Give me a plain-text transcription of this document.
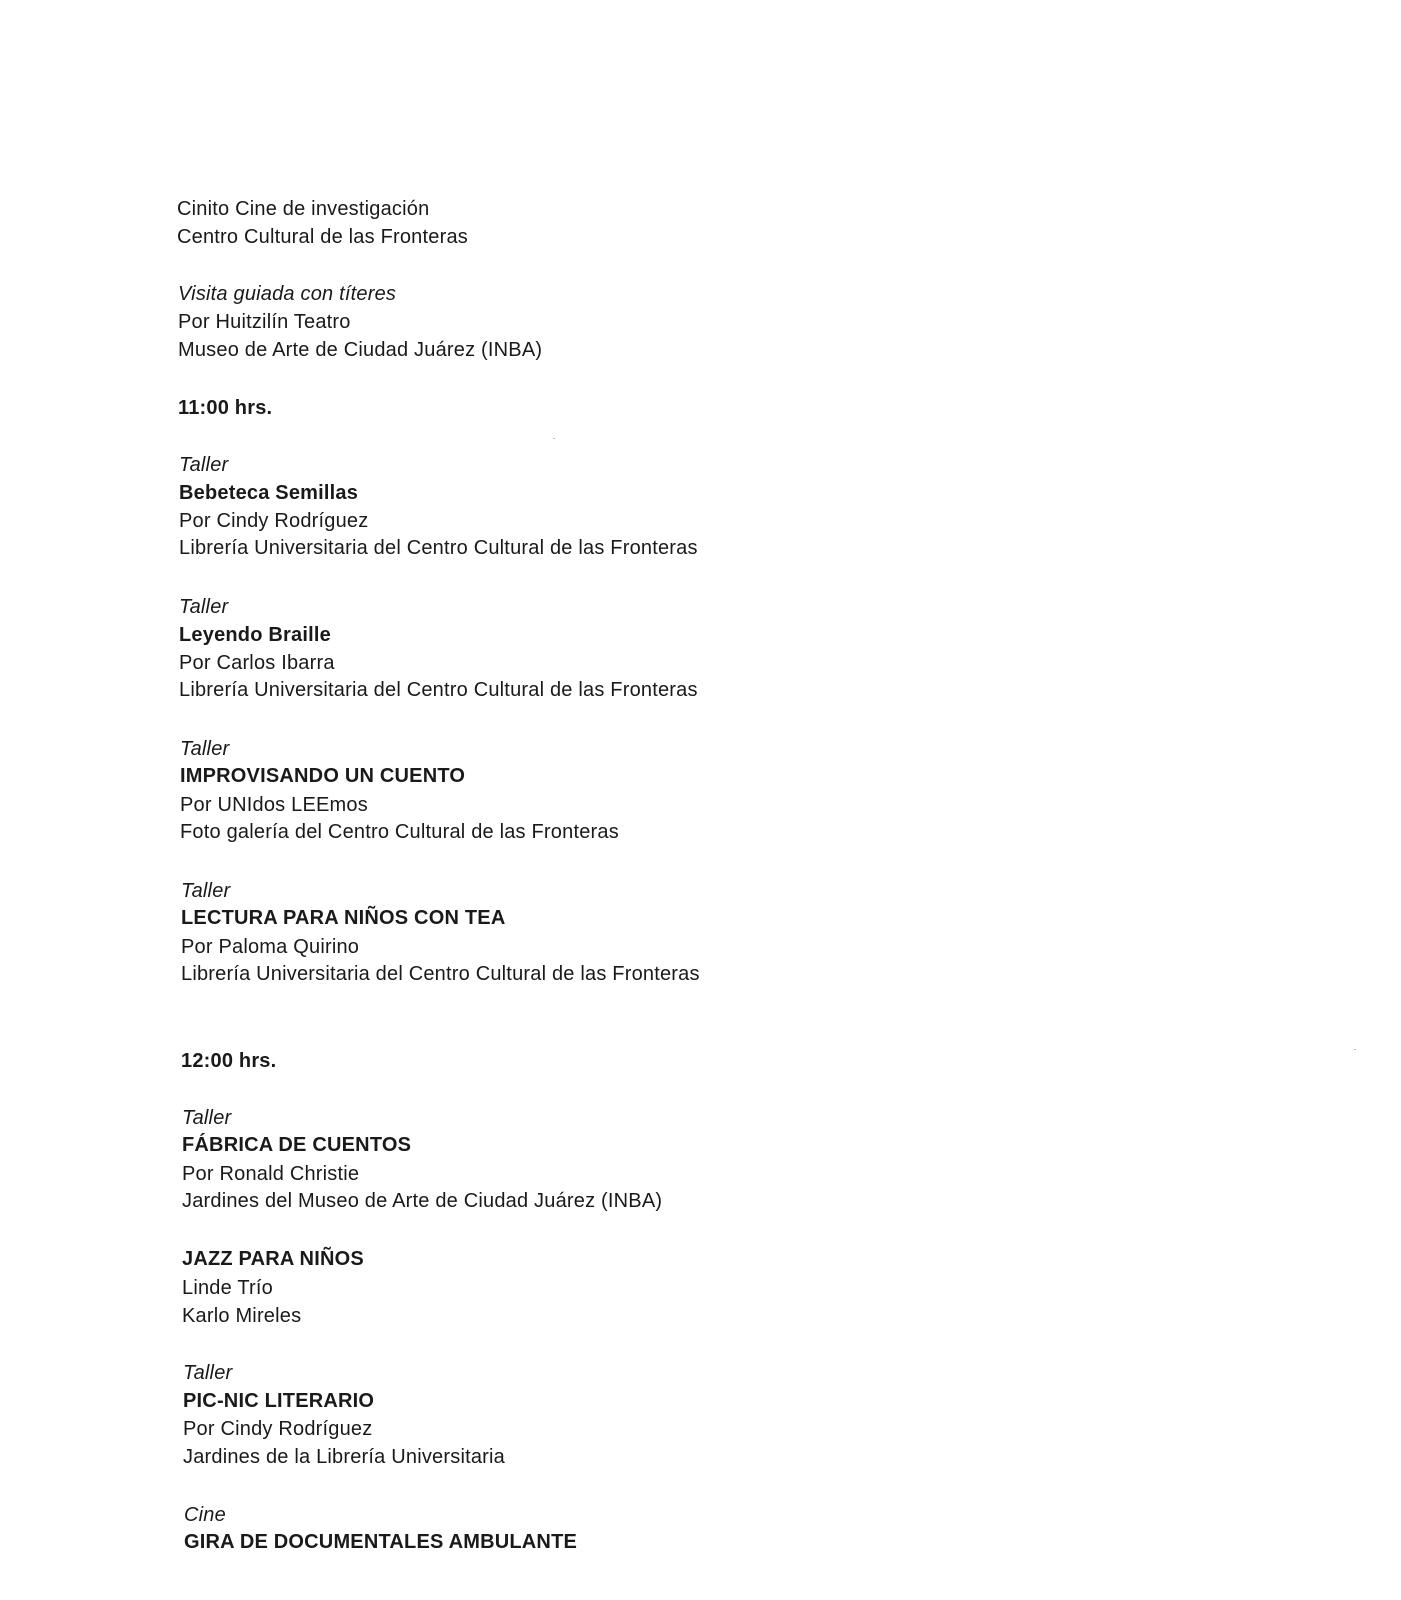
Cinito Cine de investigación
Centro Cultural de las Fronteras
Visita guiada con títeres
Por Huitzilín Teatro
Museo de Arte de Ciudad Juárez (INBA)
11:00 hrs.
Taller
Bebeteca Semillas
Por Cindy Rodríguez
Librería Universitaria del Centro Cultural de las Fronteras
Taller
Leyendo Braille
Por Carlos Ibarra
Librería Universitaria del Centro Cultural de las Fronteras
Taller
IMPROVISANDO UN CUENTO
Por UNIdos LEEmos
Foto galería del Centro Cultural de las Fronteras
Taller
LECTURA PARA NIÑOS CON TEA
Por Paloma Quirino
Librería Universitaria del Centro Cultural de las Fronteras
12:00 hrs.
Taller
FÁBRICA DE CUENTOS
Por Ronald Christie
Jardines del Museo de Arte de Ciudad Juárez (INBA)
JAZZ PARA NIÑOS
Linde Trío
Karlo Mireles
Taller
PIC-NIC LITERARIO
Por Cindy Rodríguez
Jardines de la Librería Universitaria
Cine
GIRA DE DOCUMENTALES AMBULANTE
